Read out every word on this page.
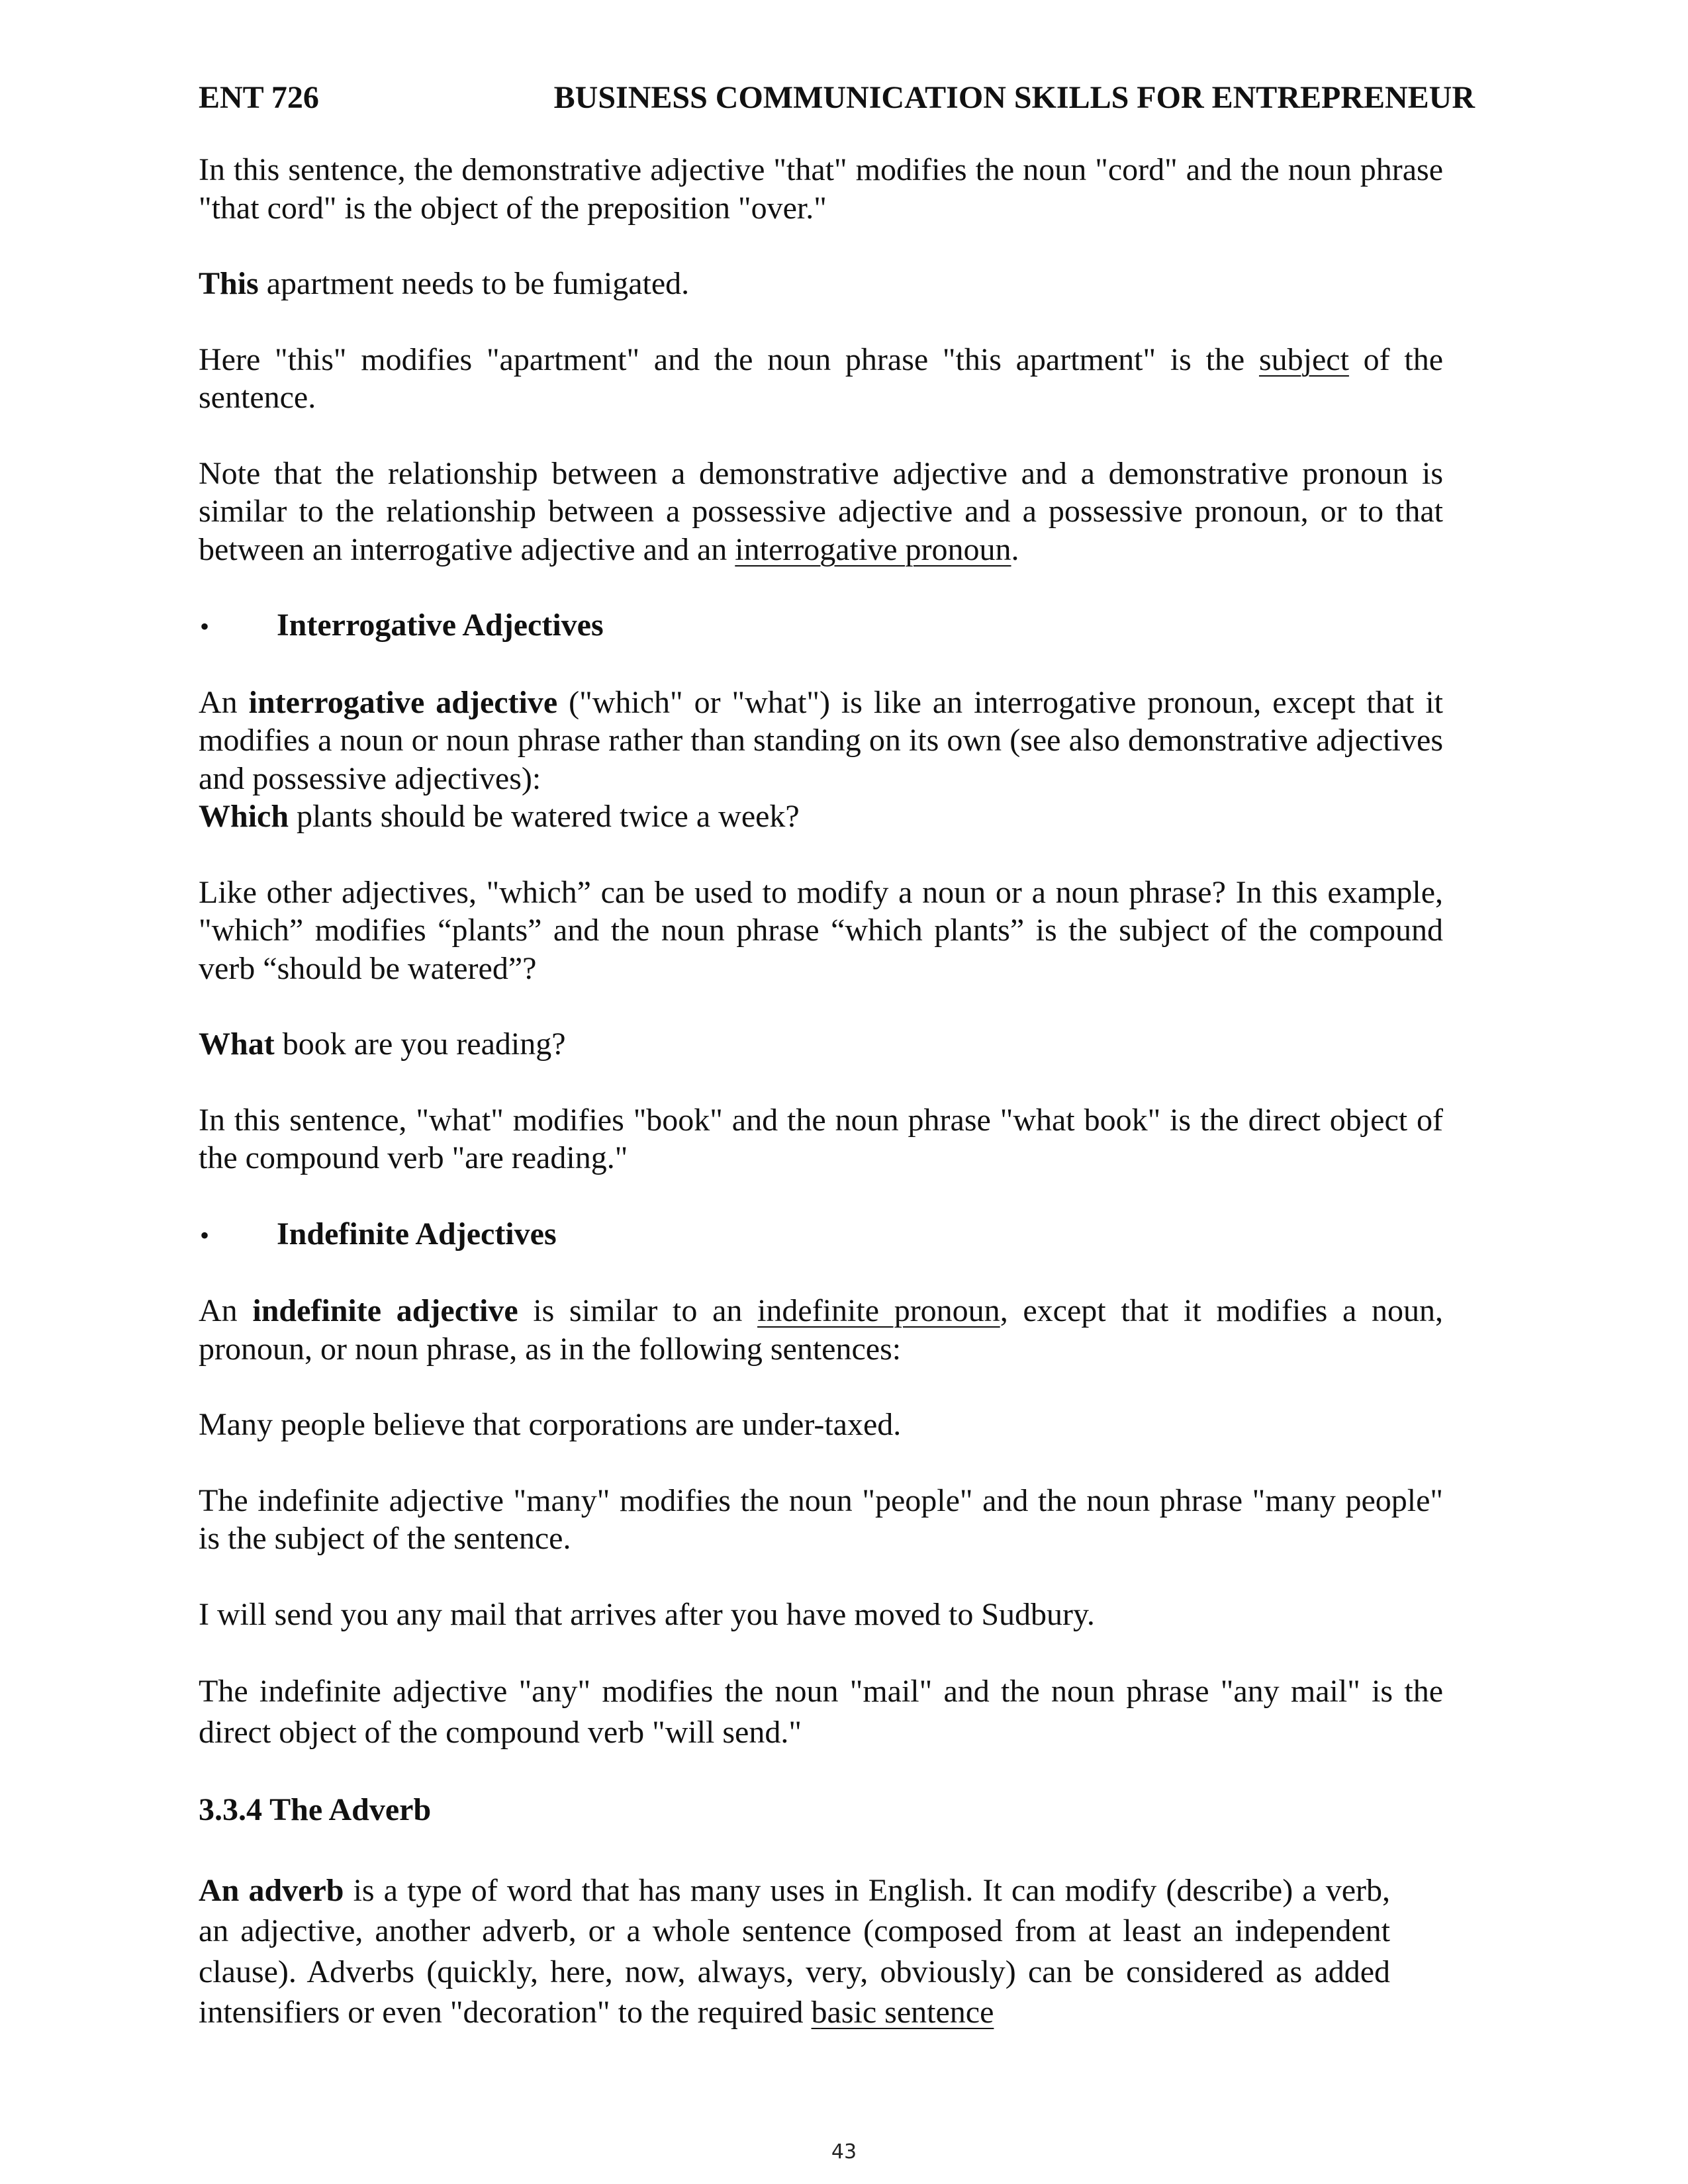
ENT 726	BUSINESS COMMUNICATION SKILLS FOR ENTREPRENEUR

In this sentence, the demonstrative adjective "that" modifies the noun "cord" and the noun phrase "that cord" is the object of the preposition "over."

This apartment needs to be fumigated.

Here "this" modifies "apartment" and the noun phrase "this apartment" is the subject of the sentence.

Note that the relationship between a demonstrative adjective and a demonstrative pronoun is similar to the relationship between a possessive adjective and a possessive pronoun, or to that between an interrogative adjective and an interrogative pronoun.

•	Interrogative Adjectives

An interrogative adjective ("which" or "what") is like an interrogative pronoun, except that it modifies a noun or noun phrase rather than standing on its own (see also demonstrative adjectives and possessive adjectives):

Which plants should be watered twice a week?

Like other adjectives, "which” can be used to modify a noun or a noun phrase? In this example, "which” modifies “plants” and the noun phrase “which plants” is the subject of the compound verb “should be watered”?

What book are you reading?

In this sentence, "what" modifies "book" and the noun phrase "what book" is the direct object of the compound verb "are reading."

•	Indefinite Adjectives

An indefinite adjective is similar to an indefinite pronoun, except that it modifies a noun, pronoun, or noun phrase, as in the following sentences:

Many people believe that corporations are under-taxed.

The indefinite adjective "many" modifies the noun "people" and the noun phrase "many people" is the subject of the sentence.

I will send you any mail that arrives after you have moved to Sudbury.

The indefinite adjective "any" modifies the noun "mail" and the noun phrase "any mail" is the direct object of the compound verb "will send."

3.3.4 The Adverb

An adverb is a type of word that has many uses in English. It can modify (describe) a verb, an adjective, another adverb, or a whole sentence (composed from at least an independent clause). Adverbs (quickly, here, now, always, very, obviously) can be considered as added intensifiers or even "decoration" to the required basic sentence

43
